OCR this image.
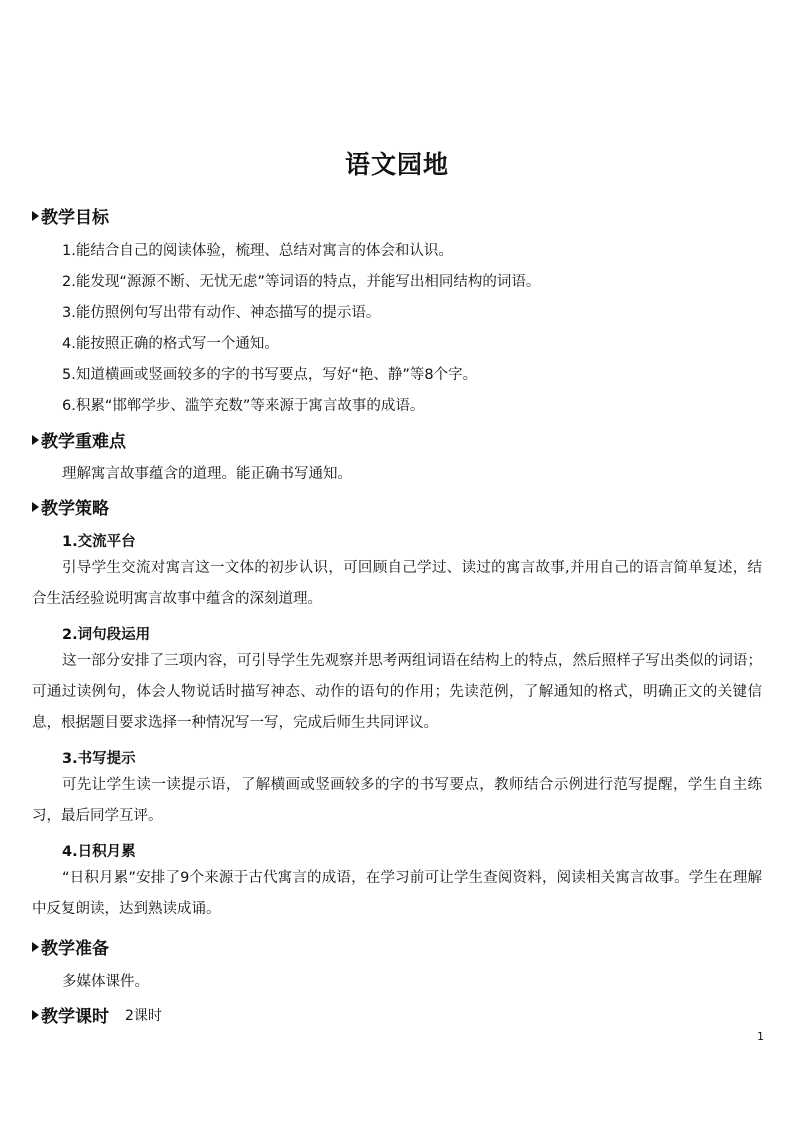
语文园地
教学目标
1.能结合自己的阅读体验，梳理、总结对寓言的体会和认识。
2.能发现“源源不断、无忧无虑”等词语的特点，并能写出相同结构的词语。
3.能仿照例句写出带有动作、神态描写的提示语。
4.能按照正确的格式写一个通知。
5.知道横画或竖画较多的字的书写要点，写好“艳、静”等8个字。
6.积累“邯郸学步、滥竽充数”等来源于寓言故事的成语。
教学重难点
理解寓言故事蕴含的道理。能正确书写通知。
教学策略
1.交流平台
引导学生交流对寓言这一文体的初步认识，可回顾自己学过、读过的寓言故事,并用自己的语言简单复述，结合生活经验说明寓言故事中蕴含的深刻道理。
2.词句段运用
这一部分安排了三项内容，可引导学生先观察并思考两组词语在结构上的特点，然后照样子写出类似的词语；可通过读例句，体会人物说话时描写神态、动作的语句的作用；先读范例，了解通知的格式，明确正文的关键信息，根据题目要求选择一种情况写一写，完成后师生共同评议。
3.书写提示
可先让学生读一读提示语，了解横画或竖画较多的字的书写要点，教师结合示例进行范写提醒，学生自主练习，最后同学互评。
4.日积月累
“日积月累”安排了9个来源于古代寓言的成语，在学习前可让学生查阅资料，阅读相关寓言故事。学生在理解中反复朗读，达到熟读成诵。
教学准备
多媒体课件。
教学课时 2课时
1
